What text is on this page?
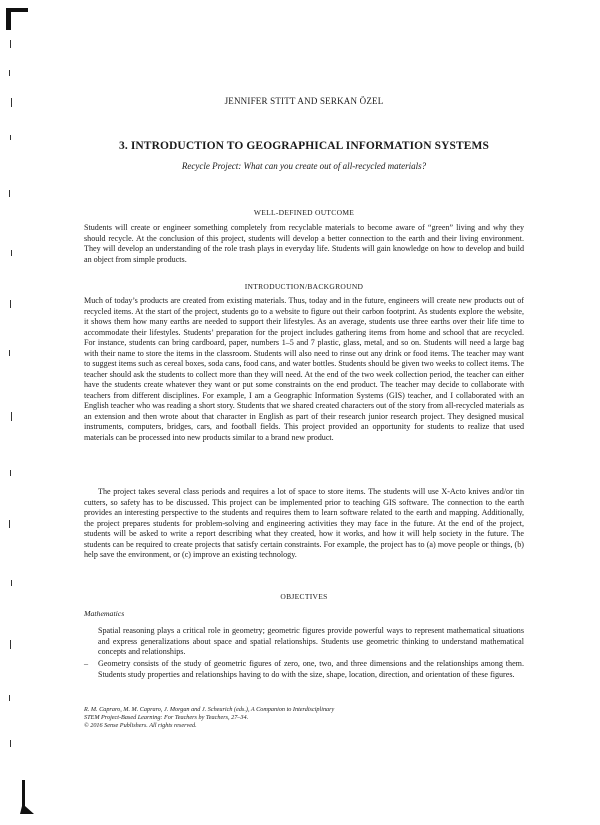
JENNIFER STITT AND SERKAN ÖZEL
3. INTRODUCTION TO GEOGRAPHICAL INFORMATION SYSTEMS
Recycle Project: What can you create out of all-recycled materials?
WELL-DEFINED OUTCOME

Students will create or engineer something completely from recyclable materials to become aware of “green” living and why they should recycle. At the conclusion of this project, students will develop a better connection to the earth and their living environment. They will develop an understanding of the role trash plays in everyday life. Students will gain knowledge on how to develop and build an object from simple products.

INTRODUCTION/BACKGROUND

Much of today’s products are created from existing materials. Thus, today and in the future, engineers will create new products out of recycled items. At the start of the project, students go to a website to figure out their carbon footprint. As students explore the website, it shows them how many earths are needed to support their lifestyles. As an average, students use three earths over their life time to accommodate their lifestyles. Students’ preparation for the project includes gathering items from home and school that are recycled. For instance, students can bring cardboard, paper, numbers 1–5 and 7 plastic, glass, metal, and so on. Students will need a large bag with their name to store the items in the classroom. Students will also need to rinse out any drink or food items. The teacher may want to suggest items such as cereal boxes, soda cans, food cans, and water bottles. Students should be given two weeks to collect items. The teacher should ask the students to collect more than they will need. At the end of the two week collection period, the teacher can either have the students create whatever they want or put some constraints on the end product. The teacher may decide to collaborate with teachers from different disciplines. For example, I am a Geographic Information Systems (GIS) teacher, and I collaborated with an English teacher who was reading a short story. Students that we shared created characters out of the story from all-recycled materials as an extension and then wrote about that character in English as part of their research junior research project. They designed musical instruments, computers, bridges, cars, and football fields. This project provided an opportunity for students to realize that used materials can be processed into new products similar to a brand new product.

The project takes several class periods and requires a lot of space to store items. The students will use X-Acto knives and/or tin cutters, so safety has to be discussed. This project can be implemented prior to teaching GIS software. The connection to the earth provides an interesting perspective to the students and requires them to learn software related to the earth and mapping. Additionally, the project prepares students for problem-solving and engineering activities they may face in the future. At the end of the project, students will be asked to write a report describing what they created, how it works, and how it will help society in the future. The students can be required to create projects that satisfy certain constraints. For example, the project has to (a) move people or things, (b) help save the environment, or (c) improve an existing technology.

OBJECTIVES
Mathematics

Spatial reasoning plays a critical role in geometry; geometric figures provide powerful ways to represent mathematical situations and express generalizations about space and spatial relationships. Students use geometric thinking to understand mathematical concepts and relationships.

– Geometry consists of the study of geometric figures of zero, one, two, and three dimensions and the relationships among them. Students study properties and relationships having to do with the size, shape, location, direction, and orientation of these figures.
R. M. Capraro, M. M. Capraro, J. Morgan and J. Scheurich (eds.), A Companion to Interdisciplinary
STEM Project-Based Learning: For Teachers by Teachers, 27–34.
© 2016 Sense Publishers. All rights reserved.
